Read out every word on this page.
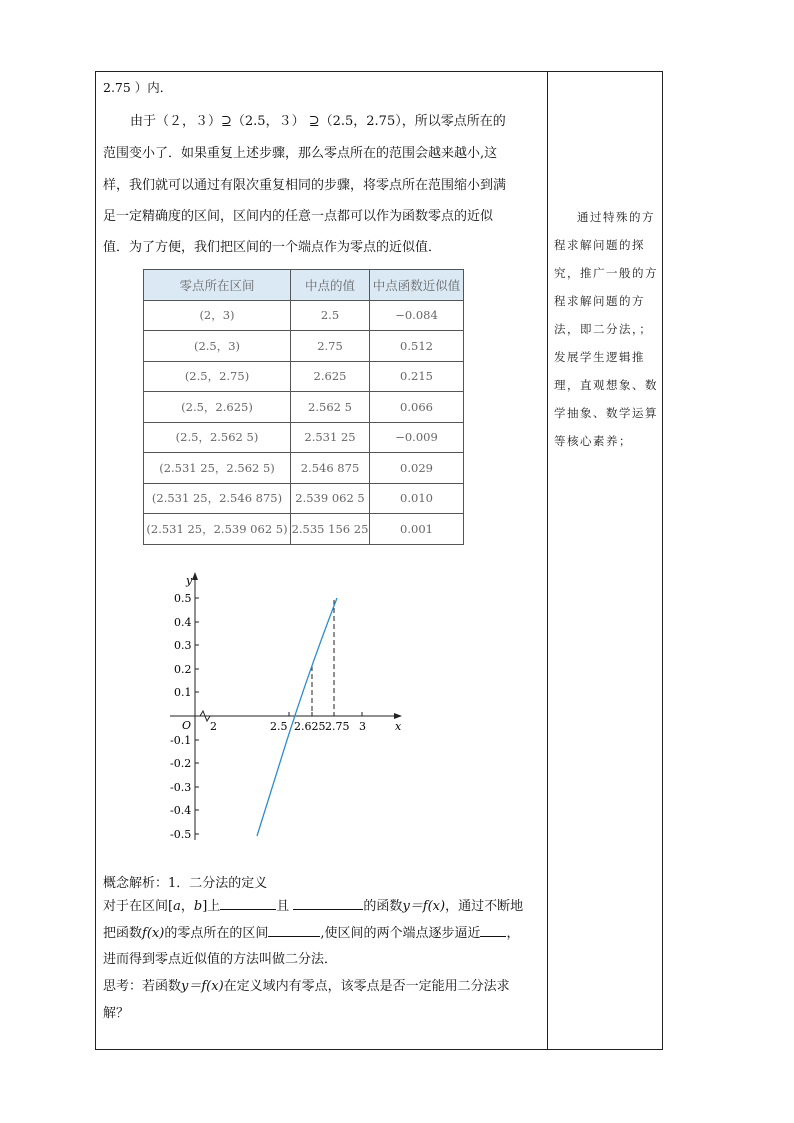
2.75 ）内．
由于（２，３）⊇（2.5，３） ⊇（2.5，2.75），所以零点所在的
范围变小了．如果重复上述步骤，那么零点所在的范围会越来越小,这
样，我们就可以通过有限次重复相同的步骤，将零点所在范围缩小到满
足一定精确度的区间，区间内的任意一点都可以作为函数零点的近似
值．为了方便，我们把区间的一个端点作为零点的近似值．
零点所在区间	中点的值	中点函数近似值
(2，3)	2.5	−0.084
(2.5，3)	2.75	0.512
(2.5，2.75)	2.625	0.215
(2.5，2.625)	2.562 5	0.066
(2.5，2.562 5)	2.531 25	−0.009
(2.531 25，2.562 5)	2.546 875	0.029
(2.531 25，2.546 875)	2.539 062 5	0.010
(2.531 25，2.539 062 5)	2.535 156 25	0.001
y
x
O
0.5
0.4
0.3
0.2
0.1
-0.1
-0.2
-0.3
-0.4
-0.5
2	2.5 2.625 2.75 3
概念解析：1．二分法的定义
对于在区间[a，b]上	且	的函数y＝f(x)，通过不断地
把函数f(x)的零点所在的区间	,使区间的两个端点逐步逼近 ，
进而得到零点近似值的方法叫做二分法．
思考：若函数y＝f(x)在定义域内有零点，该零点是否一定能用二分法求
解？
通过特殊的方程求解问题的探究，推广一般的方程求解问题的方法，即二分法，；发展学生逻辑推理，直观想象、数学抽象、数学运算等核心素养；
